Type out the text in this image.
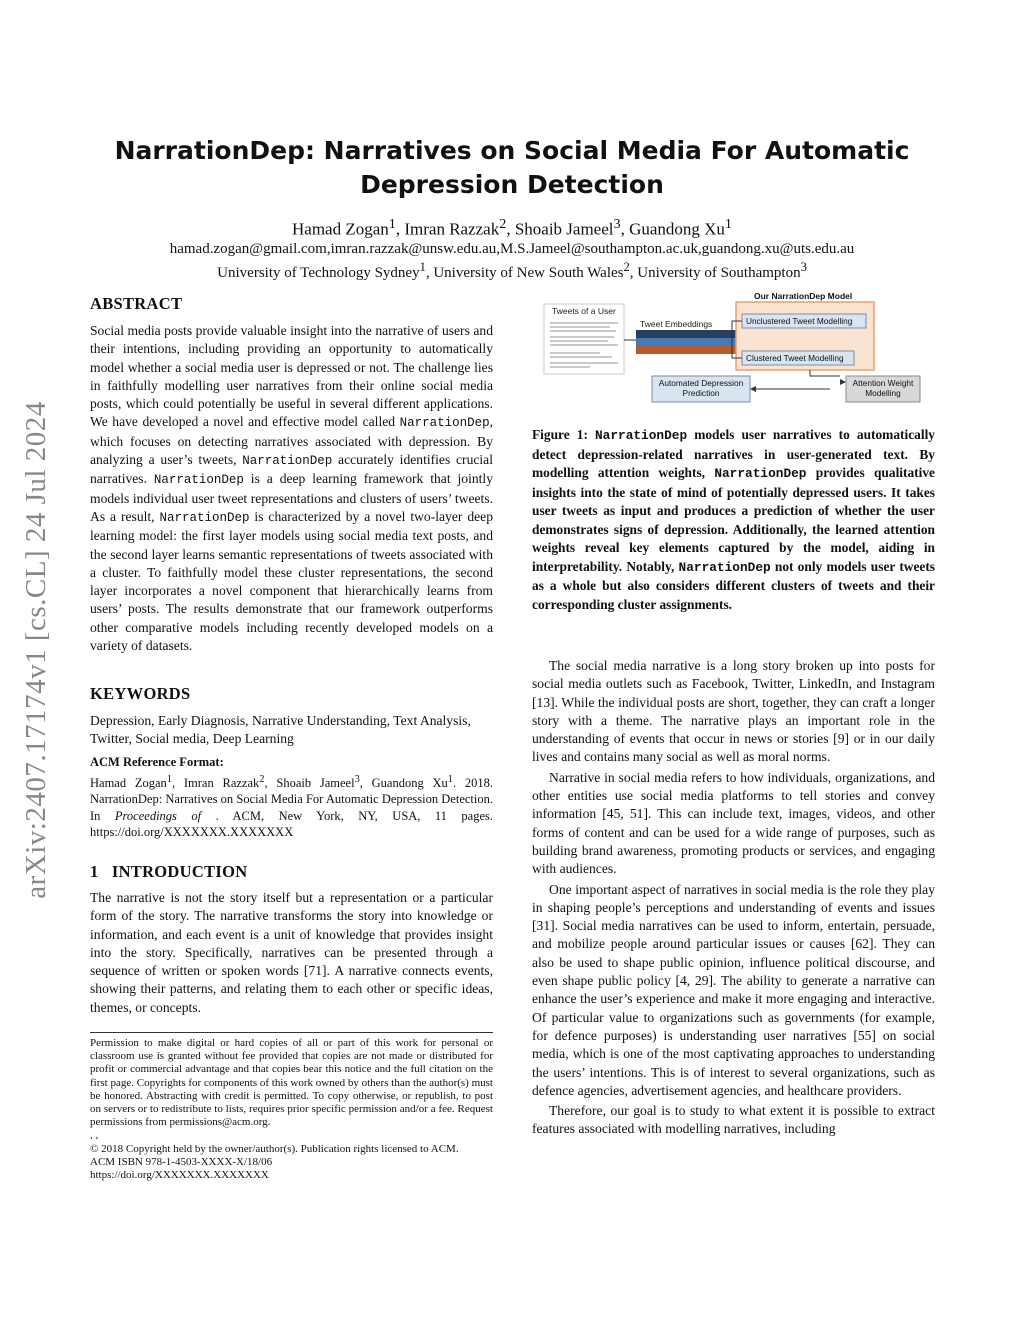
arXiv:2407.17174v1 [cs.CL] 24 Jul 2024
NarrationDep: Narratives on Social Media For Automatic
Depression Detection
Hamad Zogan$^1$, Imran Razzak$^2$, Shoaib Jameel$^3$, Guandong Xu$^1$
hamad.zogan@gmail.com,imran.razzak@unsw.edu.au,M.S.Jameel@southampton.ac.uk,guandong.xu@uts.edu.au
University of Technology Sydney$^1$, University of New South Wales$^2$, University of Southampton$^3$
ABSTRACT

Social media posts provide valuable insight into the narrative of users and their intentions, including providing an opportunity to automatically model whether a social media user is depressed or not. The challenge lies in faithfully modelling user narratives from their online social media posts, which could potentially be useful in several different applications. We have developed a novel and effective model called NarrationDep, which focuses on detecting narratives associated with depression. By analyzing a user’s tweets, NarrationDep accurately identifies crucial narratives. NarrationDep is a deep learning framework that jointly models individual user tweet representations and clusters of users’ tweets. As a result, NarrationDep is characterized by a novel two-layer deep learning model: the first layer models using social media text posts, and the second layer learns semantic representations of tweets associated with a cluster. To faithfully model these cluster representations, the second layer incorporates a novel component that hierarchically learns from users’ posts. The results demonstrate that our framework outperforms other comparative models including recently developed models on a variety of datasets.

KEYWORDS

Depression, Early Diagnosis, Narrative Understanding, Text Analysis, Twitter, Social media, Deep Learning

ACM Reference Format:

Hamad Zogan$^1$, Imran Razzak$^2$, Shoaib Jameel$^3$, Guandong Xu$^1$. 2018. NarrationDep: Narratives on Social Media For Automatic Depression Detection. In Proceedings of . ACM, New York, NY, USA, 11 pages. https://doi.org/XXXXXXX.XXXXXXX

1 INTRODUCTION

The narrative is not the story itself but a representation or a particular form of the story. The narrative transforms the story into knowledge or information, and each event is a unit of knowledge that provides insight into the story. Specifically, narratives can be presented through a sequence of written or spoken words [71]. A narrative connects events, showing their patterns, and relating them to each other or specific ideas, themes, or concepts.

Permission to make digital or hard copies of all or part of this work for personal or classroom use is granted without fee provided that copies are not made or distributed for profit or commercial advantage and that copies bear this notice and the full citation on the first page. Copyrights for components of this work owned by others than the author(s) must be honored. Abstracting with credit is permitted. To copy otherwise, or republish, to post on servers or to redistribute to lists, requires prior specific permission and/or a fee. Request permissions from permissions@acm.org.

, ,
© 2018 Copyright held by the owner/author(s). Publication rights licensed to ACM.
ACM ISBN 978-1-4503-XXXX-X/18/06
https://doi.org/XXXXXXX.XXXXXXX
Tweets of a User
Tweet Embeddings
Our NarrationDep Model
Unclustered Tweet Modelling
Clustered Tweet Modelling
Automated Depression Prediction
Attention Weight Modelling

Figure 1: NarrationDep models user narratives to automatically detect depression-related narratives in user-generated text. By modelling attention weights, NarrationDep provides qualitative insights into the state of mind of potentially depressed users. It takes user tweets as input and produces a prediction of whether the user demonstrates signs of depression. Additionally, the learned attention weights reveal key elements captured by the model, aiding in interpretability. Notably, NarrationDep not only models user tweets as a whole but also considers different clusters of tweets and their corresponding cluster assignments.

The social media narrative is a long story broken up into posts for social media outlets such as Facebook, Twitter, LinkedIn, and Instagram [13]. While the individual posts are short, together, they can craft a longer story with a theme. The narrative plays an important role in the understanding of events that occur in news or stories [9] or in our daily lives and contains many social as well as moral norms.

Narrative in social media refers to how individuals, organizations, and other entities use social media platforms to tell stories and convey information [45, 51]. This can include text, images, videos, and other forms of content and can be used for a wide range of purposes, such as building brand awareness, promoting products or services, and engaging with audiences.

One important aspect of narratives in social media is the role they play in shaping people’s perceptions and understanding of events and issues [31]. Social media narratives can be used to inform, entertain, persuade, and mobilize people around particular issues or causes [62]. They can also be used to shape public opinion, influence political discourse, and even shape public policy [4, 29]. The ability to generate a narrative can enhance the user’s experience and make it more engaging and interactive. Of particular value to organizations such as governments (for example, for defence purposes) is understanding user narratives [55] on social media, which is one of the most captivating approaches to understanding the users’ intentions. This is of interest to several organizations, such as defence agencies, advertisement agencies, and healthcare providers.

Therefore, our goal is to study to what extent it is possible to extract features associated with modelling narratives, including
